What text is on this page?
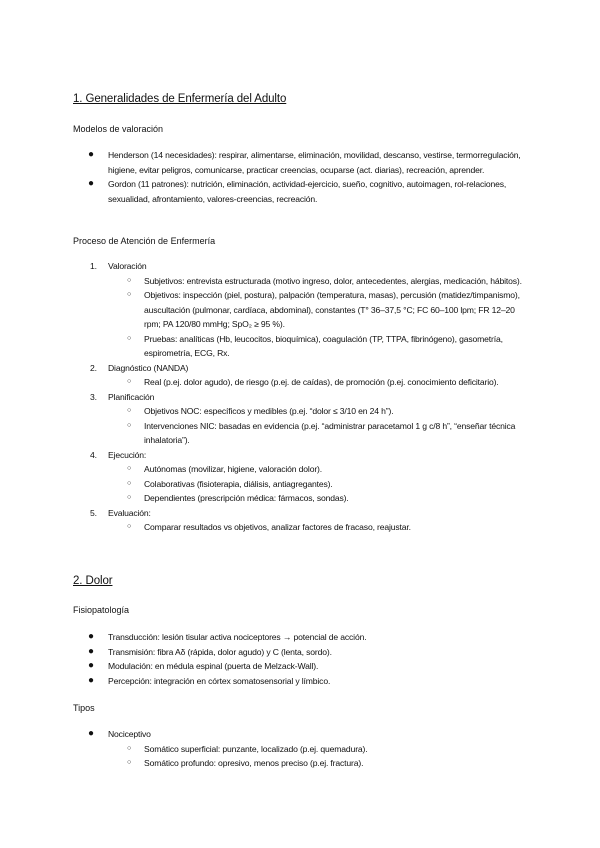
1. Generalidades de Enfermería del Adulto
Modelos de valoración
● Henderson (14 necesidades): respirar, alimentarse, eliminación, movilidad, descanso, vestirse, termorregulación, higiene, evitar peligros, comunicarse, practicar creencias, ocuparse (act. diarias), recreación, aprender.
● Gordon (11 patrones): nutrición, eliminación, actividad-ejercicio, sueño, cognitivo, autoimagen, rol-relaciones, sexualidad, afrontamiento, valores-creencias, recreación.
Proceso de Atención de Enfermería
1. Valoración
○ Subjetivos: entrevista estructurada (motivo ingreso, dolor, antecedentes, alergias, medicación, hábitos).
○ Objetivos: inspección (piel, postura), palpación (temperatura, masas), percusión (matidez/timpanismo), auscultación (pulmonar, cardíaca, abdominal), constantes (T° 36–37,5 °C; FC 60–100 lpm; FR 12–20 rpm; PA 120/80 mmHg; SpO₂ ≥ 95 %).
○ Pruebas: analíticas (Hb, leucocitos, bioquímica), coagulación (TP, TTPA, fibrinógeno), gasometría, espirometría, ECG, Rx.
2. Diagnóstico (NANDA)
○ Real (p.ej. dolor agudo), de riesgo (p.ej. de caídas), de promoción (p.ej. conocimiento deficitario).
3. Planificación
○ Objetivos NOC: específicos y medibles (p.ej. “dolor ≤ 3/10 en 24 h”).
○ Intervenciones NIC: basadas en evidencia (p.ej. “administrar paracetamol 1 g c/8 h”, “enseñar técnica inhalatoria”).
4. Ejecución:
○ Autónomas (movilizar, higiene, valoración dolor).
○ Colaborativas (fisioterapia, diálisis, antiagregantes).
○ Dependientes (prescripción médica: fármacos, sondas).
5. Evaluación:
○ Comparar resultados vs objetivos, analizar factores de fracaso, reajustar.
2. Dolor
Fisiopatología
● Transducción: lesión tisular activa nociceptores → potencial de acción.
● Transmisión: fibra Aδ (rápida, dolor agudo) y C (lenta, sordo).
● Modulación: en médula espinal (puerta de Melzack-Wall).
● Percepción: integración en córtex somatosensorial y límbico.
Tipos
● Nociceptivo
○ Somático superficial: punzante, localizado (p.ej. quemadura).
○ Somático profundo: opresivo, menos preciso (p.ej. fractura).
